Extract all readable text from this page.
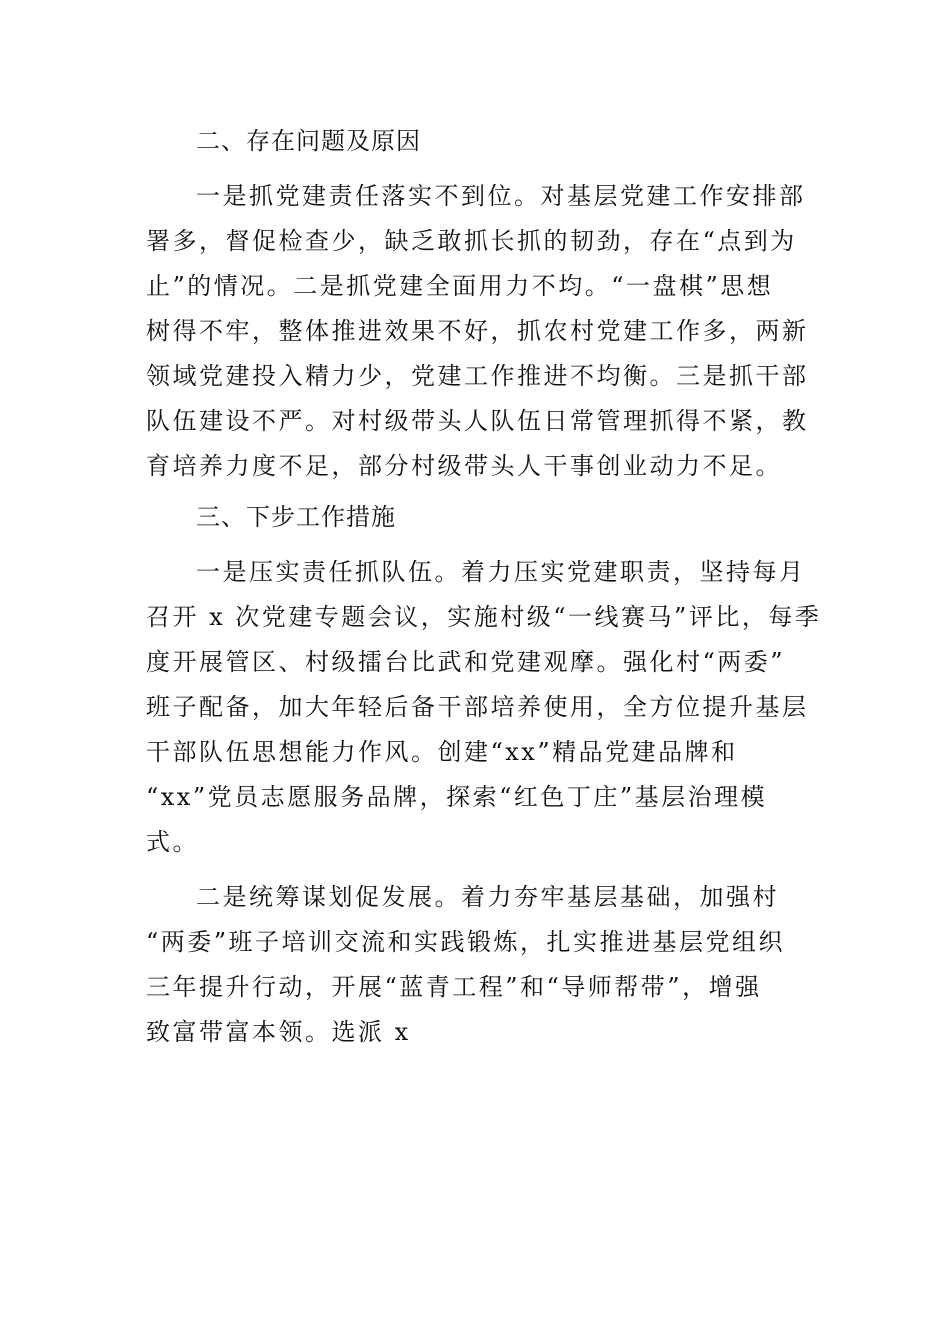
二、存在问题及原因
一是抓党建责任落实不到位。对基层党建工作安排部
署多，督促检查少，缺乏敢抓长抓的韧劲，存在“点到为
止”的情况。二是抓党建全面用力不均。“一盘棋”思想
树得不牢，整体推进效果不好，抓农村党建工作多，两新
领域党建投入精力少，党建工作推进不均衡。三是抓干部
队伍建设不严。对村级带头人队伍日常管理抓得不紧，教
育培养力度不足，部分村级带头人干事创业动力不足。
三、下步工作措施
一是压实责任抓队伍。着力压实党建职责，坚持每月
召开 x 次党建专题会议，实施村级“一线赛马”评比，每季
度开展管区、村级擂台比武和党建观摩。强化村“两委”
班子配备，加大年轻后备干部培养使用，全方位提升基层
干部队伍思想能力作风。创建“xx”精品党建品牌和
“xx”党员志愿服务品牌，探索“红色丁庄”基层治理模
式。
二是统筹谋划促发展。着力夯牢基层基础，加强村
“两委”班子培训交流和实践锻炼，扎实推进基层党组织
三年提升行动，开展“蓝青工程”和“导师帮带”，增强
致富带富本领。选派 x
